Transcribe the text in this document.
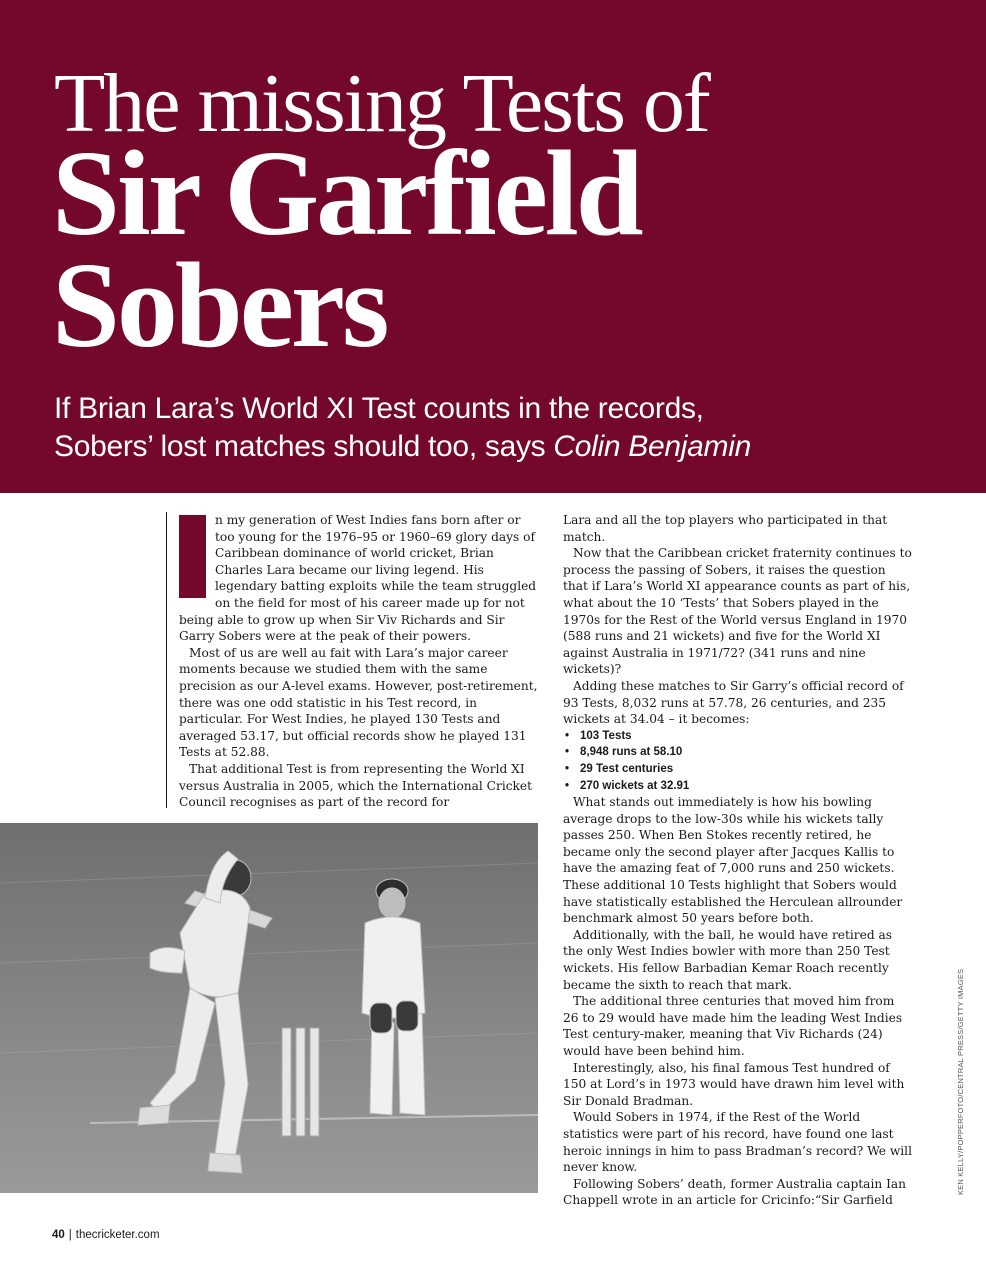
The missing Tests of
Sir Garfield
Sobers

If Brian Lara’s World XI Test counts in the records,
Sobers’ lost matches should too, says Colin Benjamin

I	n my generation of West Indies fans born after or too young for the 1976–95 or 1960–69 glory days of Caribbean dominance of world cricket, Brian Charles Lara became our living legend. His legendary batting exploits while the team struggled on the field for most of his career made up for not being able to grow up when Sir Viv Richards and Sir Garry Sobers were at the peak of their powers.

Most of us are well au fait with Lara’s major career moments because we studied them with the same precision as our A-level exams. However, post-retirement, there was one odd statistic in his Test record, in particular. For West Indies, he played 130 Tests and averaged 53.17, but official records show he played 131 Tests at 52.88.

That additional Test is from representing the World XI versus Australia in 2005, which the International Cricket Council recognises as part of the record for

Lara and all the top players who participated in that match.

Now that the Caribbean cricket fraternity continues to process the passing of Sobers, it raises the question that if Lara’s World XI appearance counts as part of his, what about the 10 ‘Tests’ that Sobers played in the 1970s for the Rest of the World versus England in 1970 (588 runs and 21 wickets) and five for the World XI against Australia in 1971/72? (341 runs and nine wickets)?

Adding these matches to Sir Garry’s official record of 93 Tests, 8,032 runs at 57.78, 26 centuries, and 235 wickets at 34.04 – it becomes:

• 103 Tests
• 8,948 runs at 58.10
• 29 Test centuries
• 270 wickets at 32.91

What stands out immediately is how his bowling average drops to the low-30s while his wickets tally passes 250. When Ben Stokes recently retired, he became only the second player after Jacques Kallis to have the amazing feat of 7,000 runs and 250 wickets. These additional 10 Tests highlight that Sobers would have statistically established the Herculean allrounder benchmark almost 50 years before both.

Additionally, with the ball, he would have retired as the only West Indies bowler with more than 250 Test wickets. His fellow Barbadian Kemar Roach recently became the sixth to reach that mark.

The additional three centuries that moved him from 26 to 29 would have made him the leading West Indies Test century-maker, meaning that Viv Richards (24) would have been behind him.

Interestingly, also, his final famous Test hundred of 150 at Lord’s in 1973 would have drawn him level with Sir Donald Bradman.

Would Sobers in 1974, if the Rest of the World statistics were part of his record, have found one last heroic innings in him to pass Bradman’s record? We will never know.

Following Sobers’ death, former Australia captain Ian Chappell wrote in an article for Cricinfo:“Sir Garfield

KEN KELLY/POPPERFOTO/CENTRAL PRESS/GETTY IMAGES
40 | thecricketer.com
